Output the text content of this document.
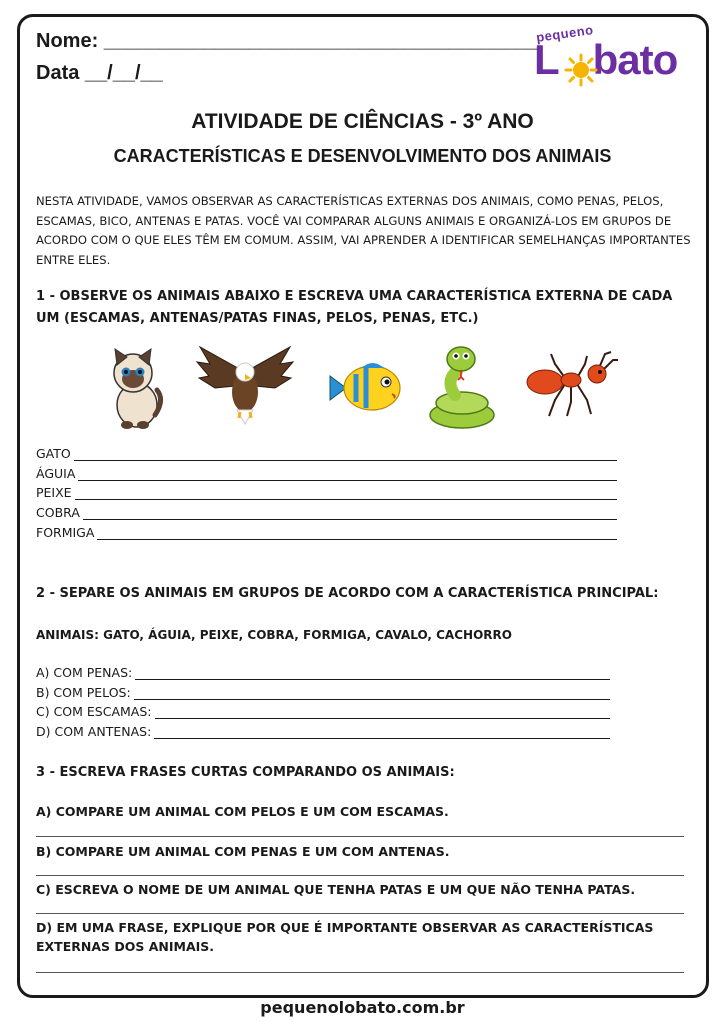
Nome: _______________________________________
Data __/__/__
pequeno
L bato
ATIVIDADE DE CIÊNCIAS - 3º ANO
CARACTERÍSTICAS E DESENVOLVIMENTO DOS ANIMAIS
NESTA ATIVIDADE, VAMOS OBSERVAR AS CARACTERÍSTICAS EXTERNAS DOS ANIMAIS, COMO PENAS, PELOS, ESCAMAS, BICO, ANTENAS E PATAS. VOCÊ VAI COMPARAR ALGUNS ANIMAIS E ORGANIZÁ-LOS EM GRUPOS DE ACORDO COM O QUE ELES TÊM EM COMUM. ASSIM, VAI APRENDER A IDENTIFICAR SEMELHANÇAS IMPORTANTES ENTRE ELES.
1 - OBSERVE OS ANIMAIS ABAIXO E ESCREVA UMA CARACTERÍSTICA EXTERNA DE CADA UM (ESCAMAS, ANTENAS/PATAS FINAS, PELOS, PENAS, ETC.)
GATO
ÁGUIA
PEIXE
COBRA
FORMIGA
2 - SEPARE OS ANIMAIS EM GRUPOS DE ACORDO COM A CARACTERÍSTICA PRINCIPAL:
ANIMAIS: GATO, ÁGUIA, PEIXE, COBRA, FORMIGA, CAVALO, CACHORRO
A) COM PENAS:
B) COM PELOS:
C) COM ESCAMAS:
D) COM ANTENAS:
3 - ESCREVA FRASES CURTAS COMPARANDO OS ANIMAIS:
A) COMPARE UM ANIMAL COM PELOS E UM COM ESCAMAS.
B) COMPARE UM ANIMAL COM PENAS E UM COM ANTENAS.
C) ESCREVA O NOME DE UM ANIMAL QUE TENHA PATAS E UM QUE NÃO TENHA PATAS.
D) EM UMA FRASE, EXPLIQUE POR QUE É IMPORTANTE OBSERVAR AS CARACTERÍSTICAS EXTERNAS DOS ANIMAIS.
pequenolobato.com.br
